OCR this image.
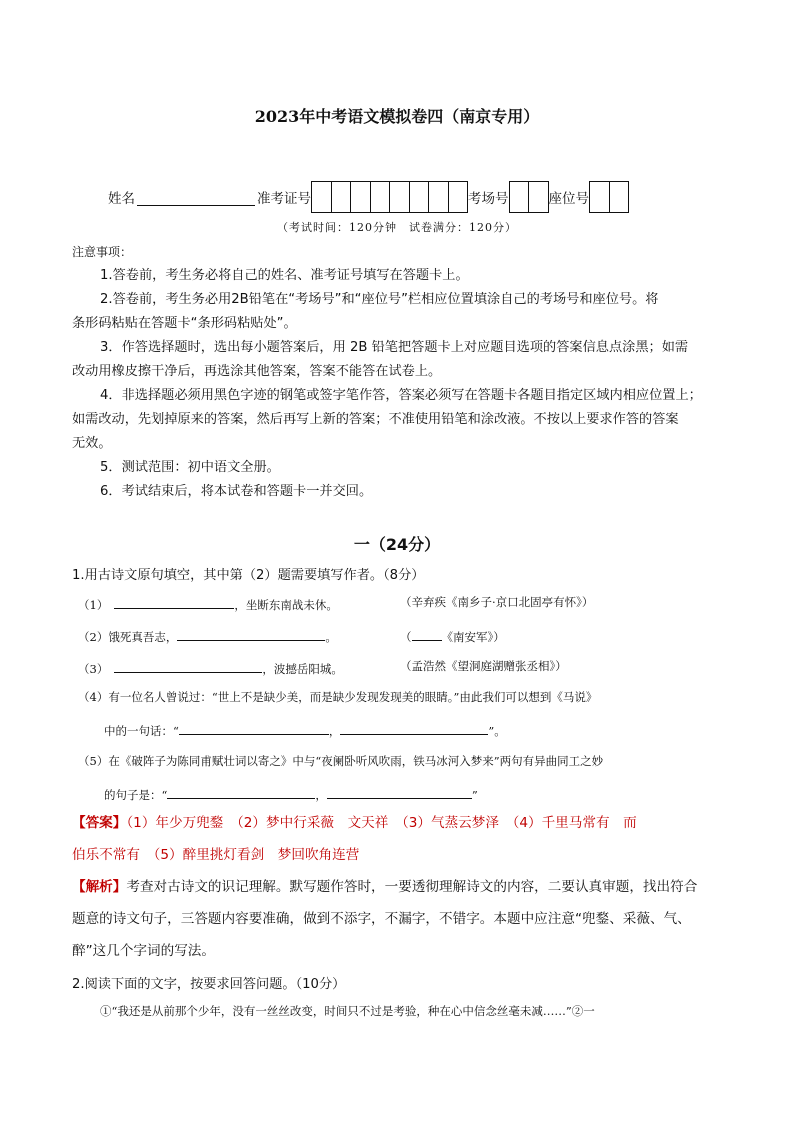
2023年中考语文模拟卷四（南京专用）
姓名	准考证号	考场号	座位号
（考试时间：120分钟　试卷满分：120分）
注意事项：
1.答卷前，考生务必将自己的姓名、准考证号填写在答题卡上。
2.答卷前，考生务必用2B铅笔在“考场号”和“座位号”栏相应位置填涂自己的考场号和座位号。将
条形码粘贴在答题卡“条形码粘贴处”。
3．作答选择题时，选出每小题答案后，用 2B 铅笔把答题卡上对应题目选项的答案信息点涂黑；如需
改动用橡皮擦干净后，再选涂其他答案，答案不能答在试卷上。
4．非选择题必须用黑色字迹的钢笔或签字笔作答，答案必须写在答题卡各题目指定区域内相应位置上；
如需改动，先划掉原来的答案，然后再写上新的答案；不准使用铅笔和涂改液。不按以上要求作答的答案
无效。
5．测试范围：初中语文全册。
6．考试结束后，将本试卷和答题卡一并交回。
一（24分）
1.用古诗文原句填空，其中第（2）题需要填写作者。（8分）
（1）	，坐断东南战未休。	（辛弃疾《南乡子·京口北固亭有怀》）
（2）饿死真吾志，	。	（	《南安军》）
（3）	，波撼岳阳城。	（孟浩然《望洞庭湖赠张丞相》）
（4）有一位名人曾说过：“世上不是缺少美，而是缺少发现发现美的眼睛。”由此我们可以想到《马说》
中的一句话：“	，	”。
（5）在《破阵子为陈同甫赋壮词以寄之》中与“夜阑卧听风吹雨，铁马冰河入梦来”两句有异曲同工之妙
的句子是：“	，	”
【答案】（1）年少万兜鍪　（2）梦中行采薇　文天祥　（3）气蒸云梦泽　（4）千里马常有　而
伯乐不常有　（5）醉里挑灯看剑　梦回吹角连营
【解析】考查对古诗文的识记理解。默写题作答时，一要透彻理解诗文的内容，二要认真审题，找出符合
题意的诗文句子，三答题内容要准确，做到不添字，不漏字，不错字。本题中应注意“兜鍪、采薇、气、
醉”这几个字词的写法。
2.阅读下面的文字，按要求回答问题。（10分）
①“我还是从前那个少年，没有一丝丝改变，时间只不过是考验，种在心中信念丝毫未减……”②一
